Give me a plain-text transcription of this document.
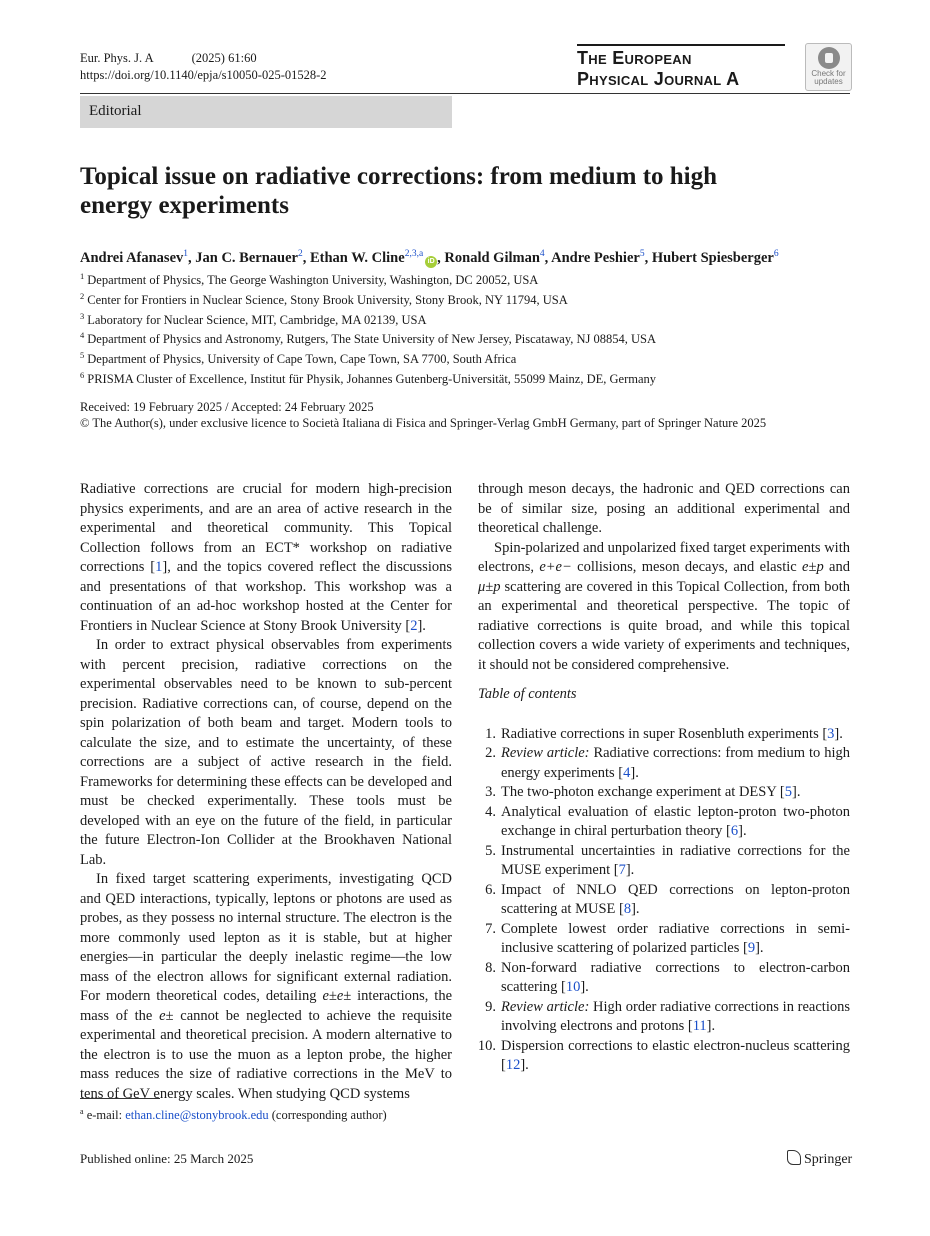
Eur. Phys. J. A	(2025) 61:60
https://doi.org/10.1140/epja/s10050-025-01528-2
The European
Physical Journal A	Check for
updates
Editorial
Topical issue on radiative corrections: from medium to high energy experiments
Andrei Afanasev$^1$, Jan C. Bernauer$^2$, Ethan W. Cline$^{2,3,a}$iD , Ronald Gilman$^4$, Andre Peshier$^5$, Hubert Spiesberger$^6$
$^1$ Department of Physics, The George Washington University, Washington, DC 20052, USA
$^2$ Center for Frontiers in Nuclear Science, Stony Brook University, Stony Brook, NY 11794, USA
$^3$ Laboratory for Nuclear Science, MIT, Cambridge, MA 02139, USA
$^4$ Department of Physics and Astronomy, Rutgers, The State University of New Jersey, Piscataway, NJ 08854, USA
$^5$ Department of Physics, University of Cape Town, Cape Town, SA 7700, South Africa
$^6$ PRISMA Cluster of Excellence, Institut für Physik, Johannes Gutenberg-Universität, 55099 Mainz, DE, Germany
Received: 19 February 2025 / Accepted: 24 February 2025
© The Author(s), under exclusive licence to Società Italiana di Fisica and Springer-Verlag GmbH Germany, part of Springer Nature 2025

Radiative corrections are crucial for modern high-precision physics experiments, and are an area of active research in the experimental and theoretical community. This Topical Collection follows from an ECT* workshop on radiative corrections [1], and the topics covered reflect the discussions and presentations of that workshop. This workshop was a continuation of an ad-hoc workshop hosted at the Center for Frontiers in Nuclear Science at Stony Brook University [2].

In order to extract physical observables from experiments with percent precision, radiative corrections on the experimental observables need to be known to sub-percent precision. Radiative corrections can, of course, depend on the spin polarization of both beam and target. Modern tools to calculate the size, and to estimate the uncertainty, of these corrections are a subject of active research in the field. Frameworks for determining these effects can be developed and must be checked experimentally. These tools must be developed with an eye on the future of the field, in particular the future Electron-Ion Collider at the Brookhaven National Lab.

In fixed target scattering experiments, investigating QCD and QED interactions, typically, leptons or photons are used as probes, as they possess no internal structure. The electron is the more commonly used lepton as it is stable, but at higher energies—in particular the deeply inelastic regime—the low mass of the electron allows for significant external radiation. For modern theoretical codes, detailing e±e± interactions, the mass of the e± cannot be neglected to achieve the requisite experimental and theoretical precision. A modern alternative to the electron is to use the muon as a lepton probe, the higher mass reduces the size of radiative corrections in the MeV to tens of GeV energy scales. When studying QCD systems

through meson decays, the hadronic and QED corrections can be of similar size, posing an additional experimental and theoretical challenge.

Spin-polarized and unpolarized fixed target experiments with electrons, e+e− collisions, meson decays, and elastic e±p and μ±p scattering are covered in this Topical Collection, from both an experimental and theoretical perspective. The topic of radiative corrections is quite broad, and while this topical collection covers a wide variety of experiments and techniques, it should not be considered comprehensive.

Table of contents

1. Radiative corrections in super Rosenbluth experiments [3].
2. Review article: Radiative corrections: from medium to high energy experiments [4].
3. The two-photon exchange experiment at DESY [5].
4. Analytical evaluation of elastic lepton-proton two-photon exchange in chiral perturbation theory [6].
5. Instrumental uncertainties in radiative corrections for the MUSE experiment [7].
6. Impact of NNLO QED corrections on lepton-proton scattering at MUSE [8].
7. Complete lowest order radiative corrections in semi-inclusive scattering of polarized particles [9].
8. Non-forward radiative corrections to electron-carbon scattering [10].
9. Review article: High order radiative corrections in reactions involving electrons and protons [11].
10. Dispersion corrections to elastic electron-nucleus scattering [12].
$^a$ e-mail: ethan.cline@stonybrook.edu (corresponding author)
Published online: 25 March 2025	Springer
